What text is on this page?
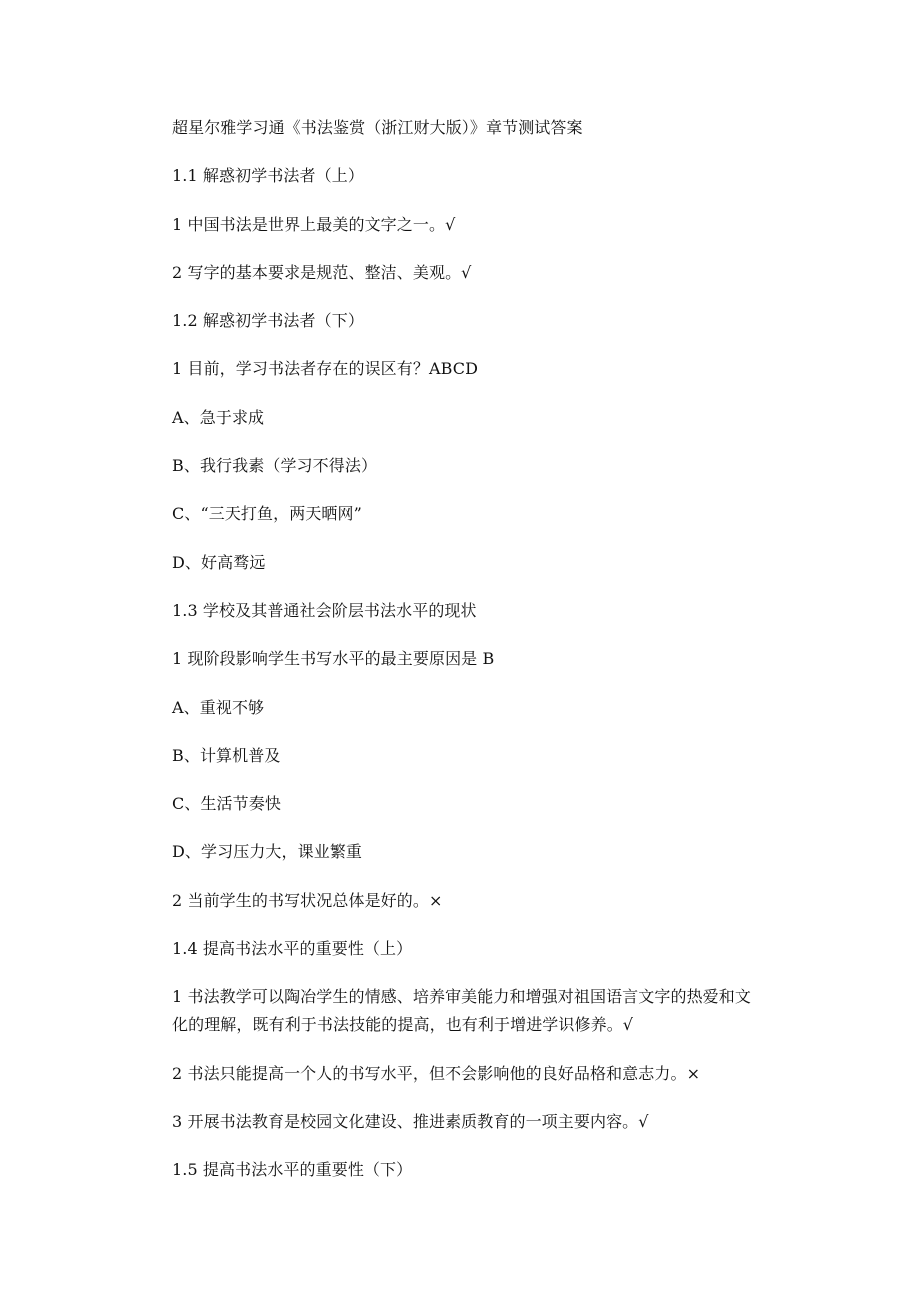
超星尔雅学习通《书法鉴赏（浙江财大版）》章节测试答案

1.1 解惑初学书法者（上）

1 中国书法是世界上最美的文字之一。√

2 写字的基本要求是规范、整洁、美观。√

1.2 解惑初学书法者（下）

1 目前，学习书法者存在的误区有？ABCD

A、急于求成

B、我行我素（学习不得法）

C、“三天打鱼，两天晒网”

D、好高骛远

1.3 学校及其普通社会阶层书法水平的现状

1 现阶段影响学生书写水平的最主要原因是 B

A、重视不够

B、计算机普及

C、生活节奏快

D、学习压力大，课业繁重

2 当前学生的书写状况总体是好的。×

1.4 提高书法水平的重要性（上）

1 书法教学可以陶冶学生的情感、培养审美能力和增强对祖国语言文字的热爱和文化的理解，既有利于书法技能的提高，也有利于增进学识修养。√

2 书法只能提高一个人的书写水平，但不会影响他的良好品格和意志力。×

3 开展书法教育是校园文化建设、推进素质教育的一项主要内容。√

1.5 提高书法水平的重要性（下）
